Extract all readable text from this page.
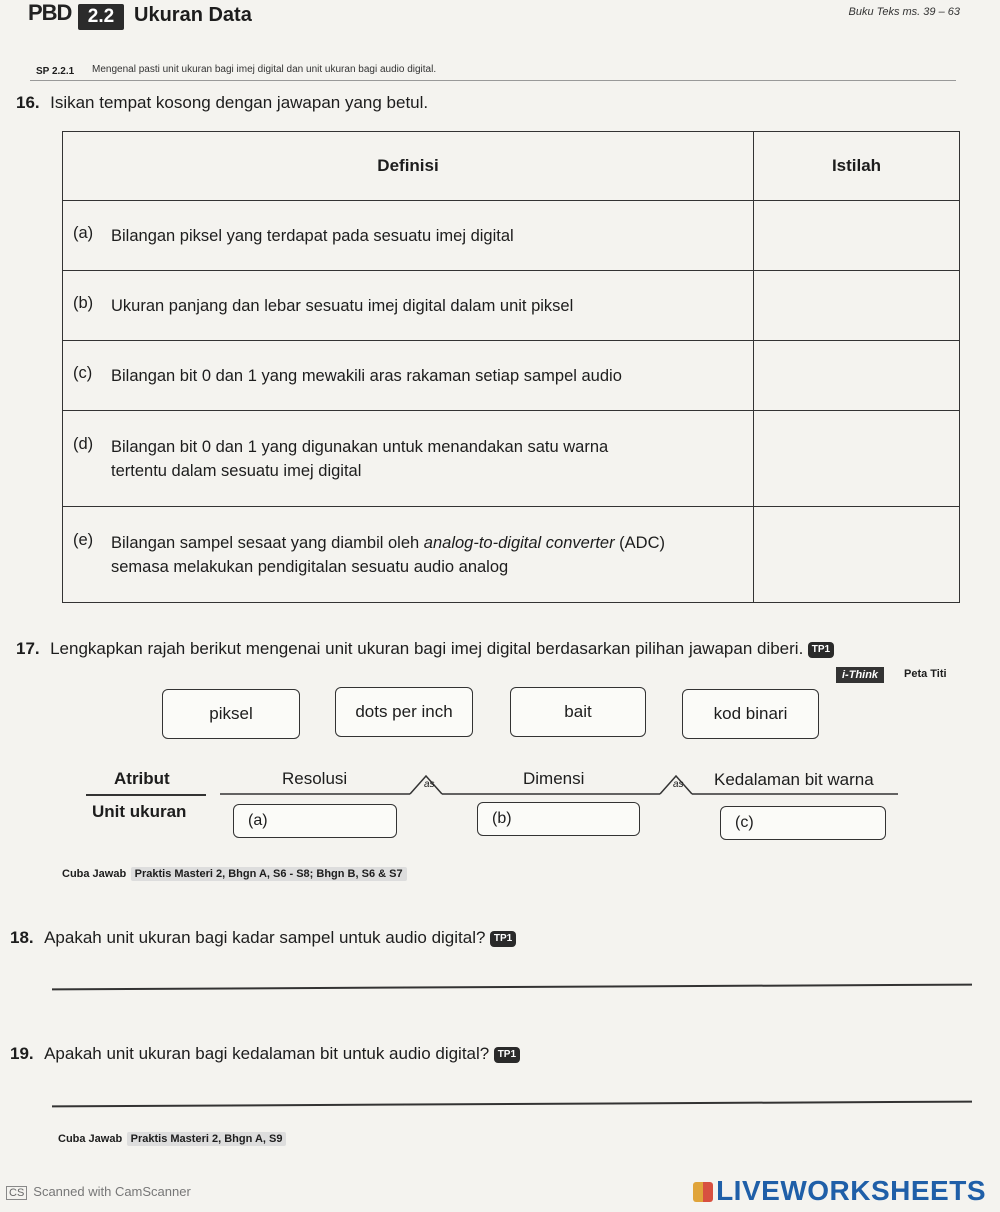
PBD 2.2 Ukuran Data	Buku Teks ms. 39 – 63
SP 2.2.1 Mengenal pasti unit ukuran bagi imej digital dan unit ukuran bagi audio digital.
16. Isikan tempat kosong dengan jawapan yang betul.
Definisi	Istilah

(a) Bilangan piksel yang terdapat pada sesuatu imej digital	

(b) Ukuran panjang dan lebar sesuatu imej digital dalam unit piksel	

(c) Bilangan bit 0 dan 1 yang mewakili aras rakaman setiap sampel audio	

(d) Bilangan bit 0 dan 1 yang digunakan untuk menandakan satu warna
tertentu dalam sesuatu imej digital	

(e) Bilangan sampel sesaat yang diambil oleh analog-to-digital converter (ADC)
semasa melakukan pendigitalan sesuatu audio analog	

17. Lengkapkan rajah berikut mengenai unit ukuran bagi imej digital berdasarkan pilihan jawapan diberi. TP1
i-Think	Peta Titi
piksel	dots per inch	bait	kod binari
Atribut
Unit ukuran
Resolusi	Dimensi	Kedalaman bit warna
as	as
(a)	(b)	(c)
Cuba Jawab Praktis Masteri 2, Bhgn A, S6 - S8; Bhgn B, S6 & S7
18. Apakah unit ukuran bagi kadar sampel untuk audio digital? TP1
19. Apakah unit ukuran bagi kedalaman bit untuk audio digital? TP1
Cuba Jawab Praktis Masteri 2, Bhgn A, S9
CS Scanned with CamScanner	LIVEWORKSHEETS
